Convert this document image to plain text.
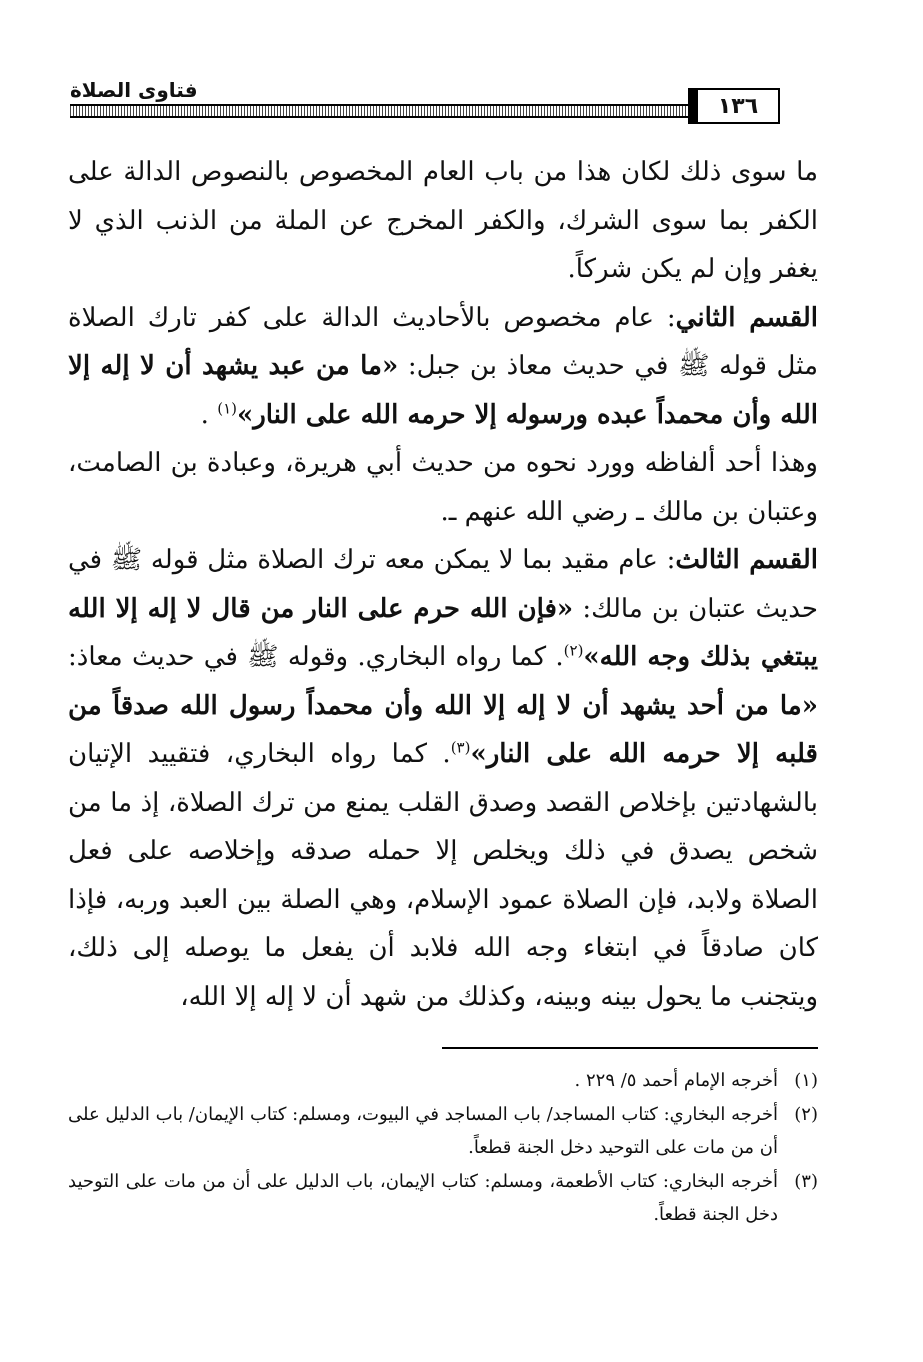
فتاوى الصلاة
١٣٦

ما سوى ذلك لكان هذا من باب العام المخصوص بالنصوص الدالة على الكفر بما سوى الشرك، والكفر المخرج عن الملة من الذنب الذي لا يغفر وإن لم يكن شركاً.

القسم الثاني: عام مخصوص بالأحاديث الدالة على كفر تارك الصلاة مثل قوله ﷺ في حديث معاذ بن جبل: «ما من عبد يشهد أن لا إله إلا الله وأن محمداً عبده ورسوله إلا حرمه الله على النار»$^{(١)}$ .

وهذا أحد ألفاظه وورد نحوه من حديث أبي هريرة، وعبادة بن الصامت، وعتبان بن مالك ـ رضي الله عنهم ـ.

القسم الثالث: عام مقيد بما لا يمكن معه ترك الصلاة مثل قوله ﷺ في حديث عتبان بن مالك: «فإن الله حرم على النار من قال لا إله إلا الله يبتغي بذلك وجه الله»$^{(٢)}$. كما رواه البخاري. وقوله ﷺ في حديث معاذ: «ما من أحد يشهد أن لا إله إلا الله وأن محمداً رسول الله صدقاً من قلبه إلا حرمه الله على النار»$^{(٣)}$. كما رواه البخاري، فتقييد الإتيان بالشهادتين بإخلاص القصد وصدق القلب يمنع من ترك الصلاة، إذ ما من شخص يصدق في ذلك ويخلص إلا حمله صدقه وإخلاصه على فعل الصلاة ولابد، فإن الصلاة عمود الإسلام، وهي الصلة بين العبد وربه، فإذا كان صادقاً في ابتغاء وجه الله فلابد أن يفعل ما يوصله إلى ذلك، ويتجنب ما يحول بينه وبينه، وكذلك من شهد أن لا إله إلا الله،

(١)
أخرجه الإمام أحمد ٥/ ٢٢٩ .
(٢)
أخرجه البخاري: كتاب المساجد/ باب المساجد في البيوت، ومسلم: كتاب الإيمان/ باب الدليل على أن من مات على التوحيد دخل الجنة قطعاً.
(٣)
أخرجه البخاري: كتاب الأطعمة، ومسلم: كتاب الإيمان، باب الدليل على أن من مات على التوحيد دخل الجنة قطعاً.
